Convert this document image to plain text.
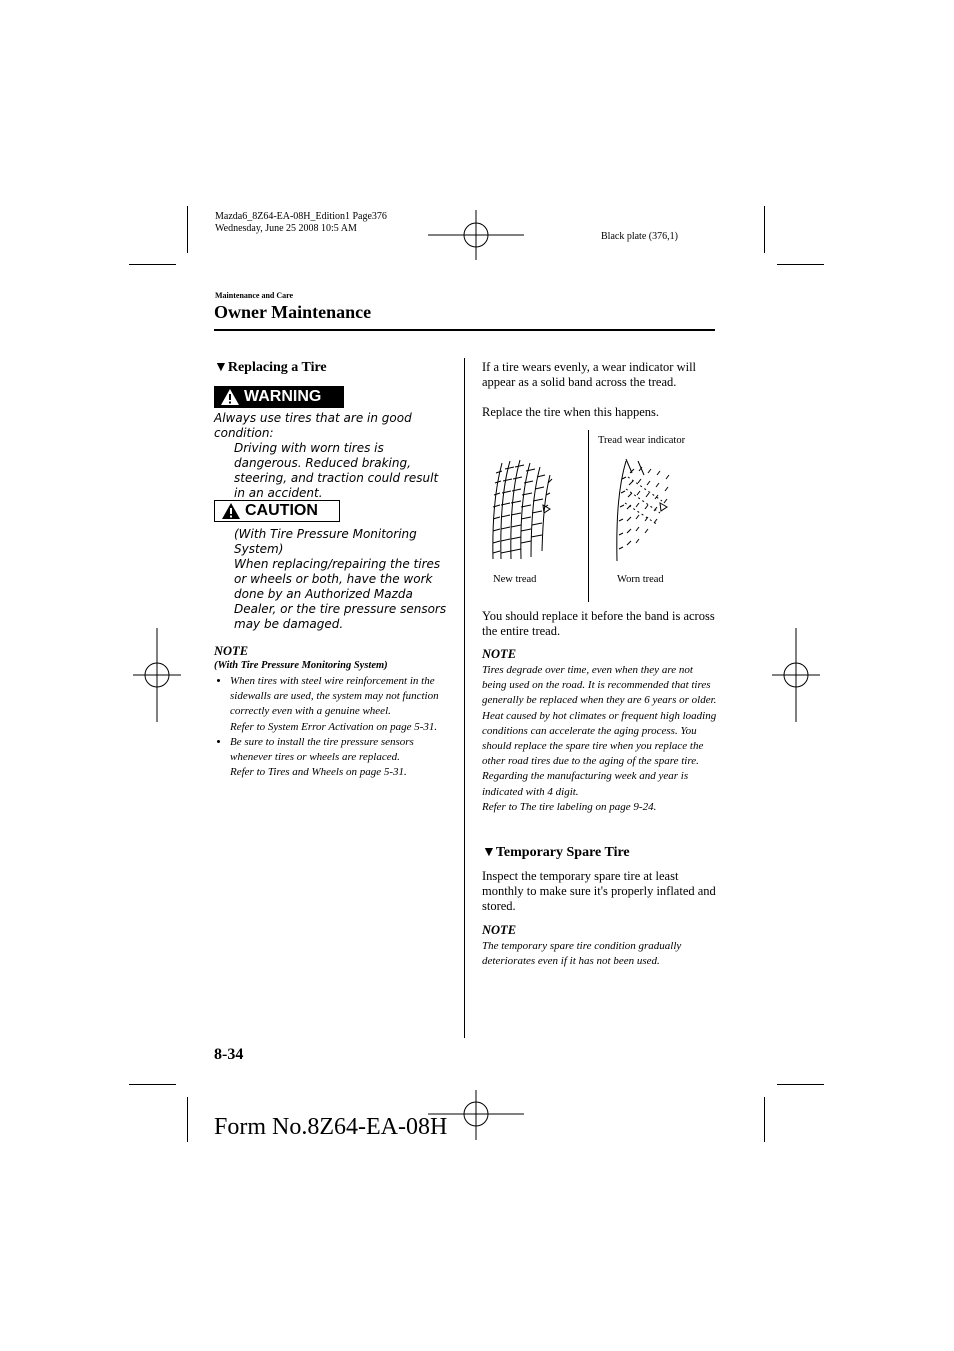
Mazda6_8Z64-EA-08H_Edition1 Page376
Wednesday, June 25 2008 10:5 AM
Black plate (376,1)
Maintenance and Care
Owner Maintenance
▼Replacing a Tire
WARNING
Always use tires that are in good condition:
Driving with worn tires is dangerous. Reduced braking, steering, and traction could result in an accident.
CAUTION
(With Tire Pressure Monitoring System)
When replacing/repairing the tires or wheels or both, have the work done by an Authorized Mazda Dealer, or the tire pressure sensors may be damaged.
NOTE
(With Tire Pressure Monitoring System)
• When tires with steel wire reinforcement in the sidewalls are used, the system may not function correctly even with a genuine wheel.
Refer to System Error Activation on page 5-31.
• Be sure to install the tire pressure sensors whenever tires or wheels are replaced.
Refer to Tires and Wheels on page 5-31.
If a tire wears evenly, a wear indicator will appear as a solid band across the tread.
Replace the tire when this happens.
Tread wear indicator
New tread	Worn tread
You should replace it before the band is across the entire tread.
NOTE
Tires degrade over time, even when they are not being used on the road. It is recommended that tires generally be replaced when they are 6 years or older. Heat caused by hot climates or frequent high loading conditions can accelerate the aging process. You should replace the spare tire when you replace the other road tires due to the aging of the spare tire. Regarding the manufacturing week and year is indicated with 4 digit.
Refer to The tire labeling on page 9-24.
▼Temporary Spare Tire
Inspect the temporary spare tire at least monthly to make sure it's properly inflated and stored.
NOTE
The temporary spare tire condition gradually deteriorates even if it has not been used.
8-34
Form No.8Z64-EA-08H
